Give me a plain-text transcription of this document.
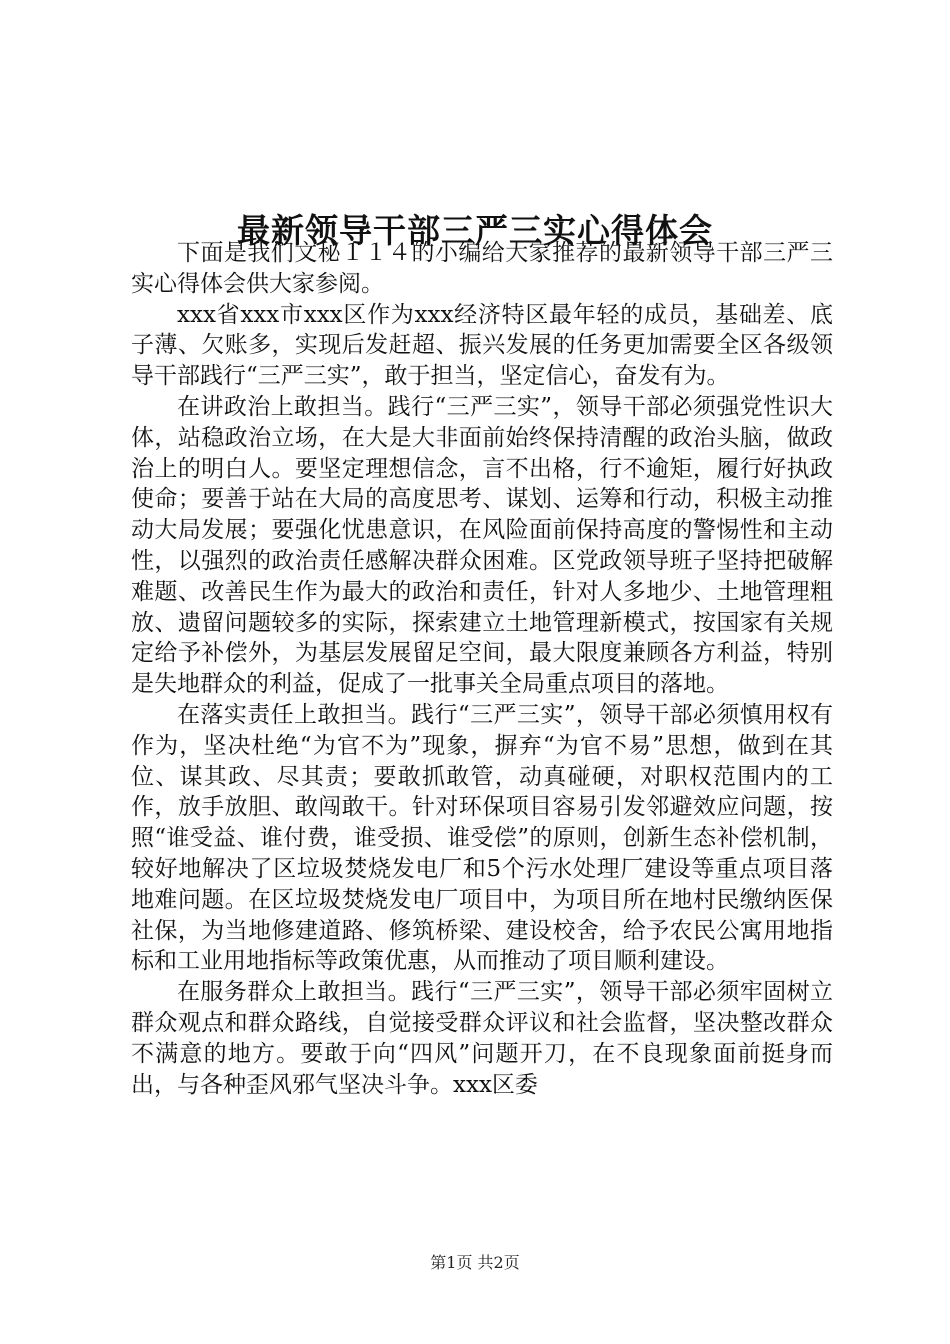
最新领导干部三严三实心得体会

下面是我们文秘１１４的小编给大家推荐的最新领导干部三严三实心得体会供大家参阅。

xxx省xxx市xxx区作为xxx经济特区最年轻的成员，基础差、底子薄、欠账多，实现后发赶超、振兴发展的任务更加需要全区各级领导干部践行“三严三实”，敢于担当，坚定信心，奋发有为。

在讲政治上敢担当。践行“三严三实”，领导干部必须强党性识大体，站稳政治立场，在大是大非面前始终保持清醒的政治头脑，做政治上的明白人。要坚定理想信念，言不出格，行不逾矩，履行好执政使命；要善于站在大局的高度思考、谋划、运筹和行动，积极主动推动大局发展；要强化忧患意识，在风险面前保持高度的警惕性和主动性，以强烈的政治责任感解决群众困难。区党政领导班子坚持把破解难题、改善民生作为最大的政治和责任，针对人多地少、土地管理粗放、遗留问题较多的实际，探索建立土地管理新模式，按国家有关规定给予补偿外，为基层发展留足空间，最大限度兼顾各方利益，特别是失地群众的利益，促成了一批事关全局重点项目的落地。

在落实责任上敢担当。践行“三严三实”，领导干部必须慎用权有作为，坚决杜绝“为官不为”现象，摒弃“为官不易”思想，做到在其位、谋其政、尽其责；要敢抓敢管，动真碰硬，对职权范围内的工作，放手放胆、敢闯敢干。针对环保项目容易引发邻避效应问题，按照“谁受益、谁付费，谁受损、谁受偿”的原则，创新生态补偿机制，较好地解决了区垃圾焚烧发电厂和5个污水处理厂建设等重点项目落地难问题。在区垃圾焚烧发电厂项目中，为项目所在地村民缴纳医保社保，为当地修建道路、修筑桥梁、建设校舍，给予农民公寓用地指标和工业用地指标等政策优惠，从而推动了项目顺利建设。

在服务群众上敢担当。践行“三严三实”，领导干部必须牢固树立群众观点和群众路线，自觉接受群众评议和社会监督，坚决整改群众不满意的地方。要敢于向“四风”问题开刀，在不良现象面前挺身而出，与各种歪风邪气坚决斗争。xxx区委

第1页 共2页
